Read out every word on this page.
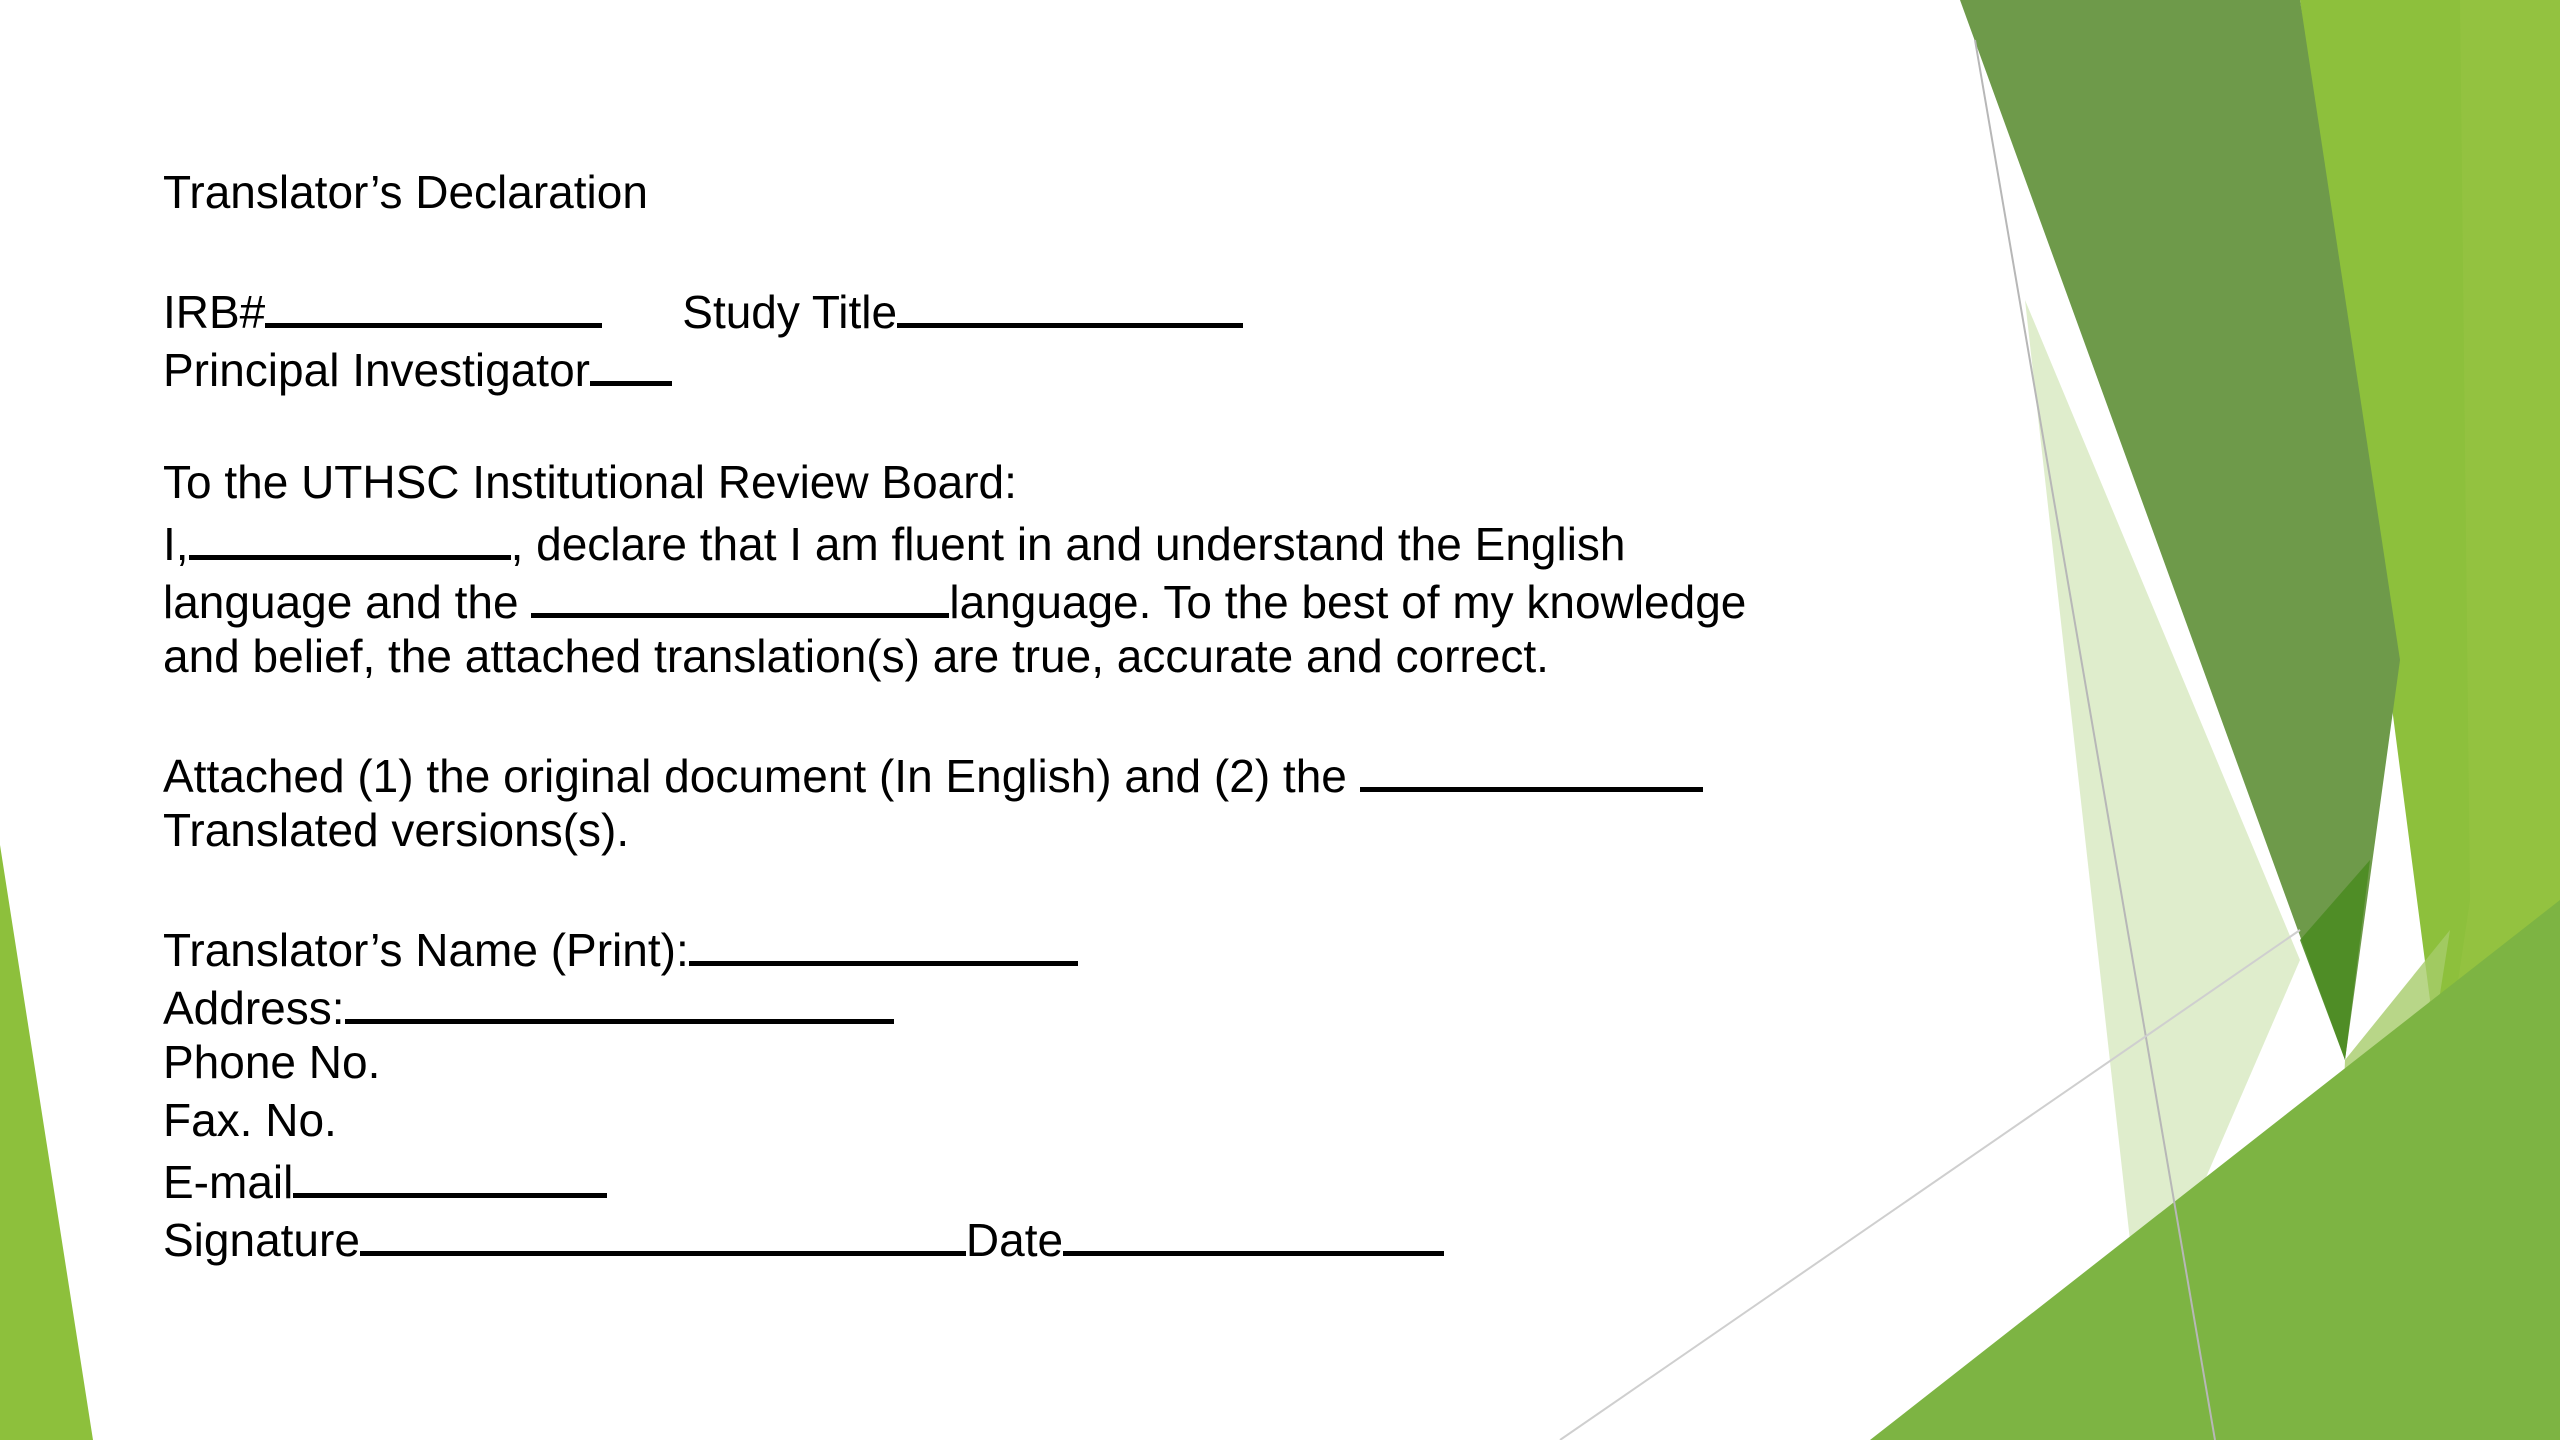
Translator’s Declaration
IRB#	Study Title
Principal Investigator
To the UTHSC Institutional Review Board:
I,	, declare that I am fluent in and understand the English
language and the	language. To the best of my knowledge
and belief, the attached translation(s) are true, accurate and correct.
Attached (1) the original document (In English) and (2) the
Translated versions(s).
Translator’s Name (Print):
Address:
Phone No.
Fax. No.
E-mail
Signature	Date
